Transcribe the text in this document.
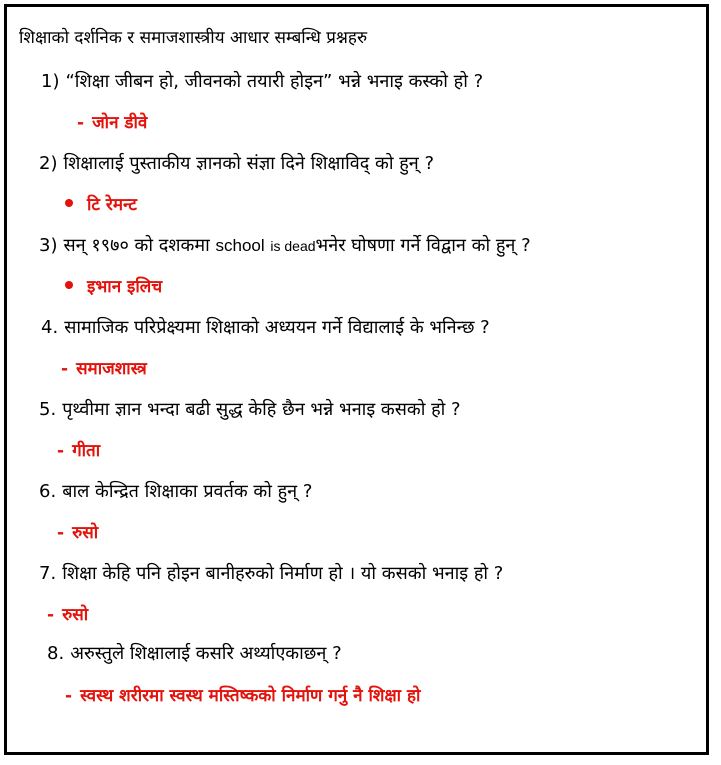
शिक्षाको दर्शनिक र समाजशास्त्रीय आधार सम्बन्धि प्रश्नहरु
1) “शिक्षा जीबन हो, जीवनको तयारी होइन” भन्ने भनाइ कस्को हो ?
- जोन डीवे
2) शिक्षालाई पुस्ताकीय ज्ञानको संज्ञा दिने शिक्षाविद् को हुन् ?
टि रेमन्ट
3) सन् १९७० को दशकमा school is deadभनेर घोषणा गर्ने विद्वान को हुन् ?
इभान इलिच
4. सामाजिक परिप्रेक्ष्यमा शिक्षाको अध्ययन गर्ने विद्यालाई के भनिन्छ ?
- समाजशास्त्र
5. पृथ्वीमा ज्ञान भन्दा बढी सुद्ध केहि छैन भन्ने भनाइ कसको हो ?
- गीता
6. बाल केन्द्रित शिक्षाका प्रवर्तक को हुन् ?
- रुसो
7. शिक्षा केहि पनि होइन बानीहरुको निर्माण हो । यो कसको भनाइ हो ?
- रुसो
8. अरुस्तुले शिक्षालाई कसरि अर्थ्याएकाछन् ?
- स्वस्थ शरीरमा स्वस्थ मस्तिष्कको निर्माण गर्नु नै शिक्षा हो
